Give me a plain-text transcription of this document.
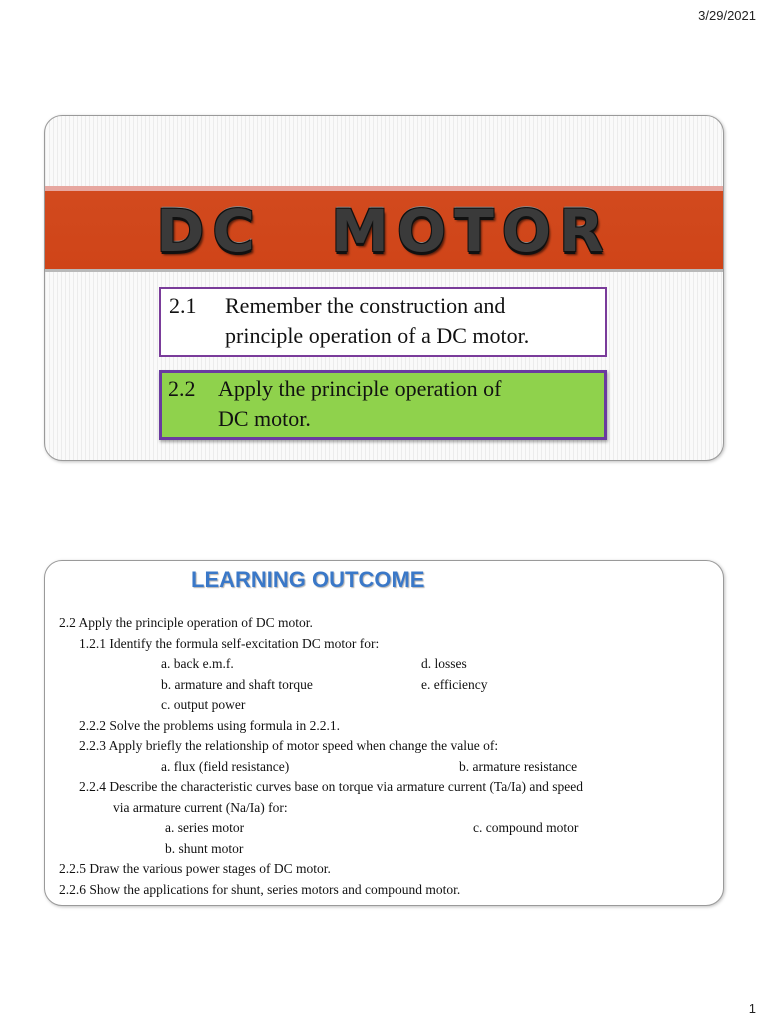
3/29/2021
DC MOTOR
2.1	Remember the construction and
principle operation of a DC motor.
2.2	Apply the principle operation of
DC motor.
LEARNING OUTCOME
2.2 Apply the principle operation of DC motor.
1.2.1 Identify the formula self-excitation DC motor for:
a. back e.m.f.	d. losses
b. armature and shaft torque	e. efficiency
c. output power
2.2.2 Solve the problems using formula in 2.2.1.
2.2.3 Apply briefly the relationship of motor speed when change the value of:
a. flux (field resistance)	b. armature resistance
2.2.4 Describe the characteristic curves base on torque via armature current (Ta/Ia) and speed
via armature current (Na/Ia) for:
a. series motor	c. compound motor
b. shunt motor
2.2.5 Draw the various power stages of DC motor.
2.2.6 Show the applications for shunt, series motors and compound motor.
1
